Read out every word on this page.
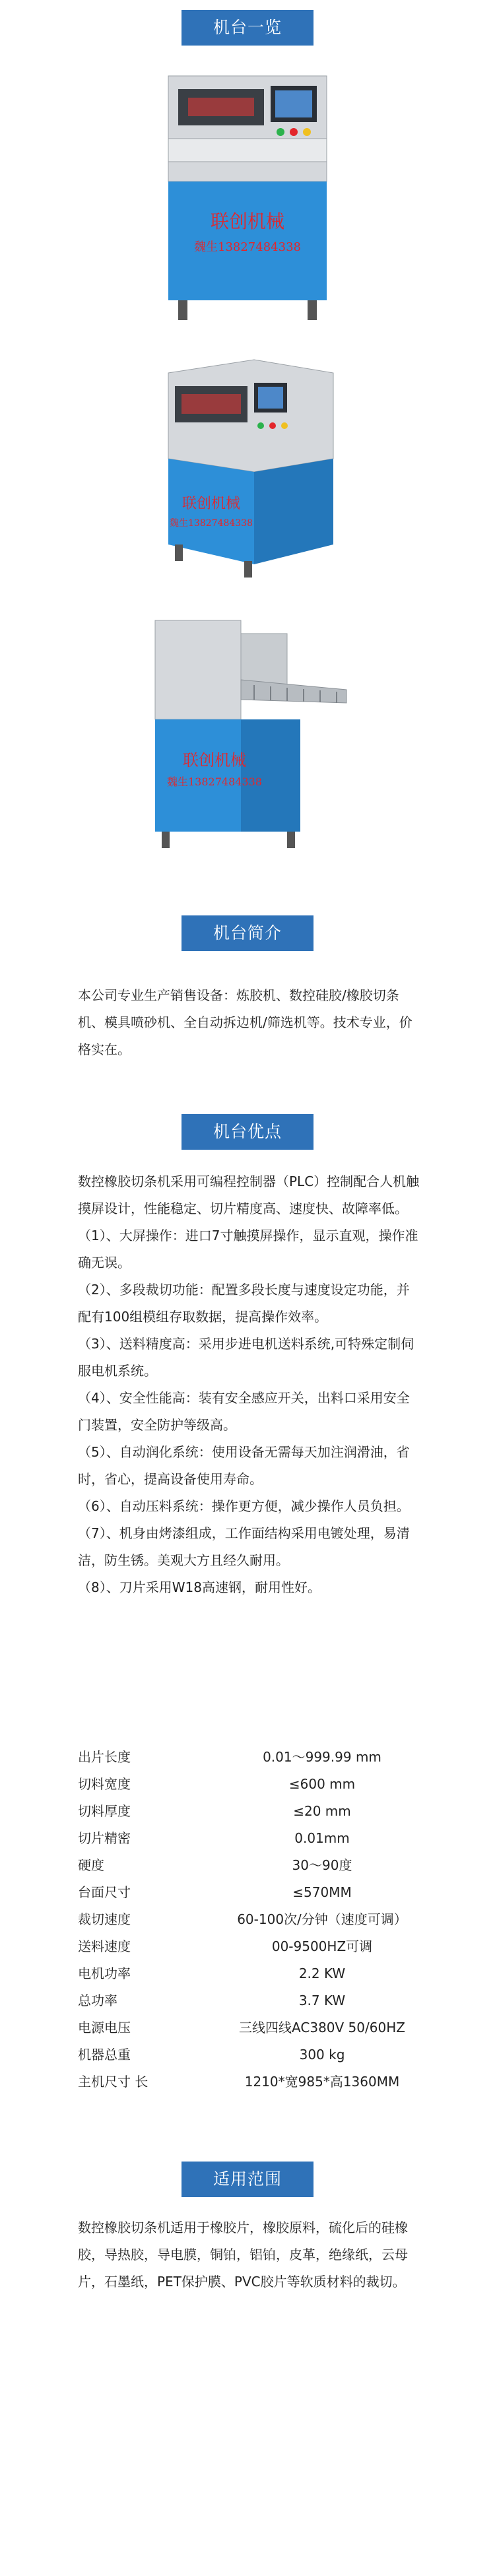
机台一览
联创机械
魏生13827484338
联创机械
魏生13827484338
联创机械
魏生13827484338
机台简介

本公司专业生产销售设备：炼胶机、数控硅胶/橡胶切条机、模具喷砂机、全自动拆边机/筛选机等。技术专业，价格实在。

机台优点

数控橡胶切条机采用可编程控制器（PLC）控制配合人机触摸屏设计，性能稳定、切片精度高、速度快、故障率低。

（1）、大屏操作：进口7寸触摸屏操作，显示直观，操作准确无误。

（2）、多段裁切功能：配置多段长度与速度设定功能，并配有100组模组存取数据，提高操作效率。

（3）、送料精度高：采用步进电机送料系统,可特殊定制伺服电机系统。

（4）、安全性能高：装有安全感应开关，出料口采用安全门装置，安全防护等级高。

（5）、自动润化系统：使用设备无需每天加注润滑油，省时，省心，提高设备使用寿命。

（6）、自动压料系统：操作更方便，减少操作人员负担。

（7）、机身由烤漆组成，工作面结构采用电镀处理，易清洁，防生锈。美观大方且经久耐用。

（8）、刀片采用W18高速钢，耐用性好。

出片长度	0.01～999.99 mm
切料宽度	≤600 mm
切料厚度	≤20 mm
切片精密	0.01mm
硬度	30～90度
台面尺寸	≤570MM
裁切速度	60-100次/分钟（速度可调）
送料速度	00-9500HZ可调
电机功率	2.2 KW
总功率	3.7 KW
电源电压	三线四线AC380V 50/60HZ
机器总重	300 kg
主机尺寸 长	1210*宽985*高1360MM
适用范围

数控橡胶切条机适用于橡胶片，橡胶原料，硫化后的硅橡胶，导热胶，导电膜，铜铂，铝铂，皮革，绝缘纸，云母片，石墨纸，PET保护膜、PVC胶片等软质材料的裁切。
